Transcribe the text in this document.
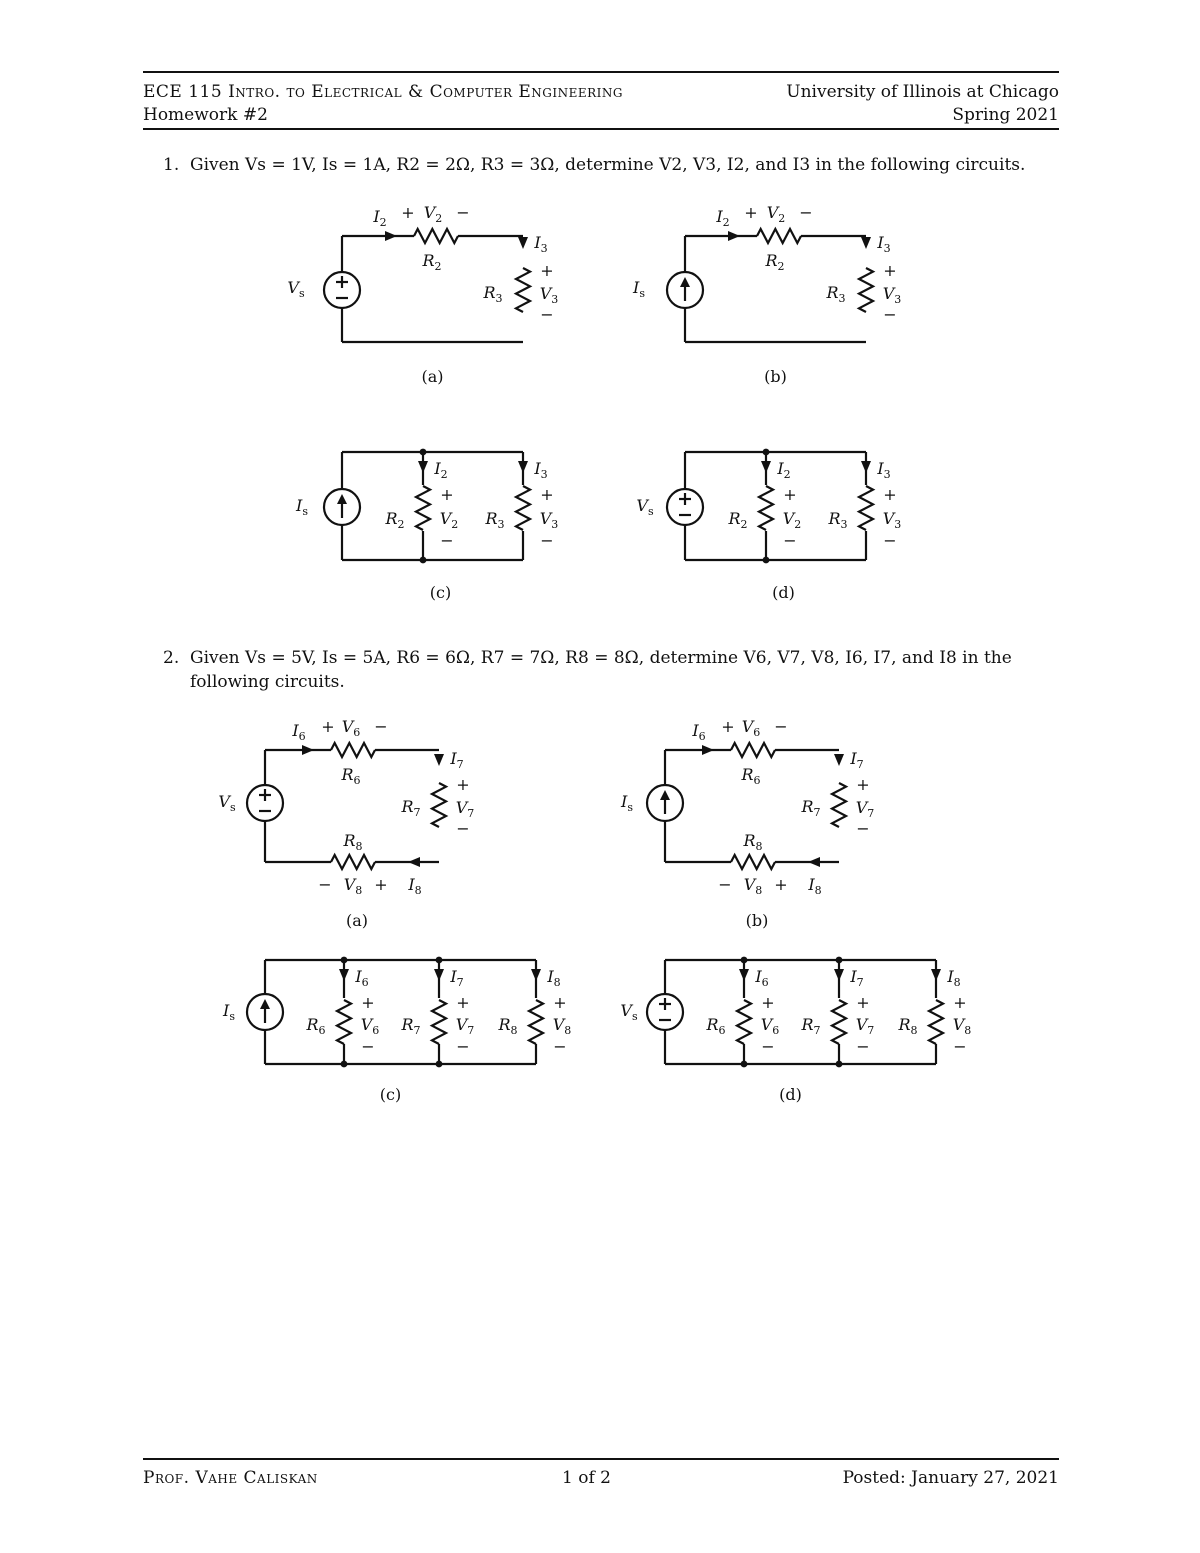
ECE 115 Intro. to Electrical & Computer Engineering	University of Illinois at Chicago
Homework #2	Spring 2021
1. Given Vs = 1V, Is = 1A, R2 = 2Ω, R3 = 3Ω, determine V2, V3, I2, and I3 in the following circuits.
2. Given Vs = 5V, Is = 5A, R6 = 6Ω, R7 = 7Ω, R8 = 8Ω, determine V6, V7, V8, I6, I7, and I8 in the
following circuits.
$I_2$
+ $V_2$ −
$R_2$
$I_3$
+
$V_3$
−
$R_3$
$V_s$
(a)
$I_2$
+ $V_2$ −
$R_2$
$I_3$
+
$V_3$
−
$R_3$
$I_s$
(b)
$I_2$
+
$V_2$
−
$R_2$
$I_3$
+
$V_3$
−
$R_3$
$I_s$
(c)
$I_2$
+
$V_2$
−
$R_2$
$I_3$
+
$V_3$
−
$R_3$
$V_s$
(d)
$I_6$
+ $V_6$ −
$R_6$
$I_7$
+
$V_7$
−
$R_7$
$R_8$
− $V_8 + I_8$
$V_s$
(a)
$I_6$
+ $V_6$ −
$R_6$
$I_7$
+
$V_7$
−
$R_7$
$R_8$
− $V_8 + I_8$
$I_s$
(b)
$I_6$
+
$V_6$
−
$R_6$
$I_7$
+
$V_7$
−
$R_7$
$I_8$
+
$V_8$
−
$R_8$
$I_s$
(c)
$I_6$
+
$V_6$
−
$R_6$
$I_7$
+
$V_7$
−
$R_7$
$I_8$
+
$V_8$
−
$R_8$
$V_s$
(d)
Prof. Vahe Caliskan	1 of 2	Posted: January 27, 2021
